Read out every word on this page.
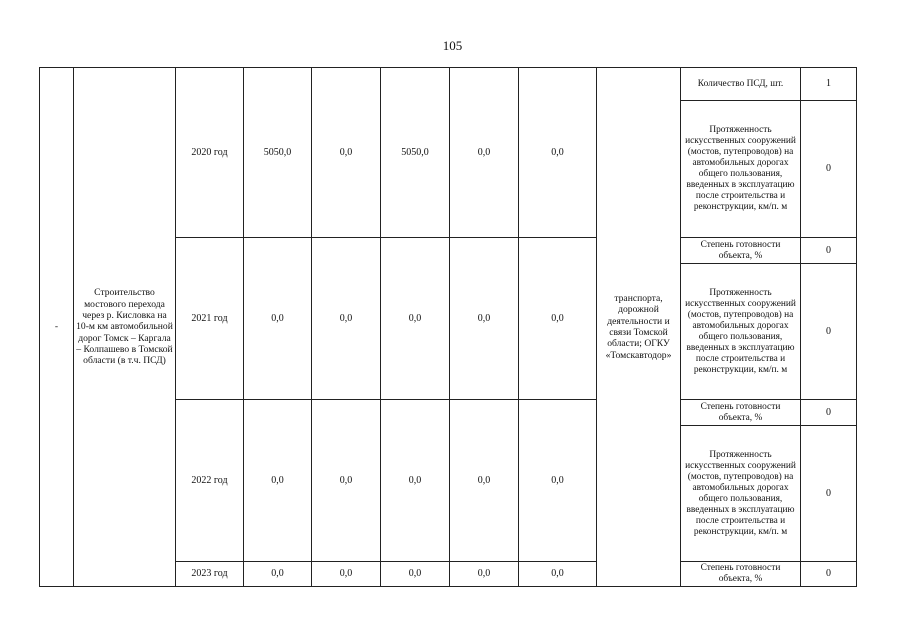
105
-	Строительство мостового перехода через р. Кисловка на 10-м км автомобильной дорог Томск – Каргала – Колпашево в Томской области (в т.ч. ПСД)	2020 год	5050,0	0,0	5050,0	0,0	0,0	транспорта, дорожной деятельности и связи Томской области; ОГКУ «Томскавтодор»	Количество ПСД, шт.	1
									Протяженность искусственных сооружений (мостов, путепроводов) на автомобильных дорогах общего пользования, введенных в эксплуатацию после строительства и реконструкции, км/п. м	0
		2021 год	0,0	0,0	0,0	0,0	0,0		Степень готовности объекта, %	0
									Протяженность искусственных сооружений (мостов, путепроводов) на автомобильных дорогах общего пользования, введенных в эксплуатацию после строительства и реконструкции, км/п. м	0
		2022 год	0,0	0,0	0,0	0,0	0,0		Степень готовности объекта, %	0
									Протяженность искусственных сооружений (мостов, путепроводов) на автомобильных дорогах общего пользования, введенных в эксплуатацию после строительства и реконструкции, км/п. м	0
		2023 год	0,0	0,0	0,0	0,0	0,0		Степень готовности объекта, %	0
